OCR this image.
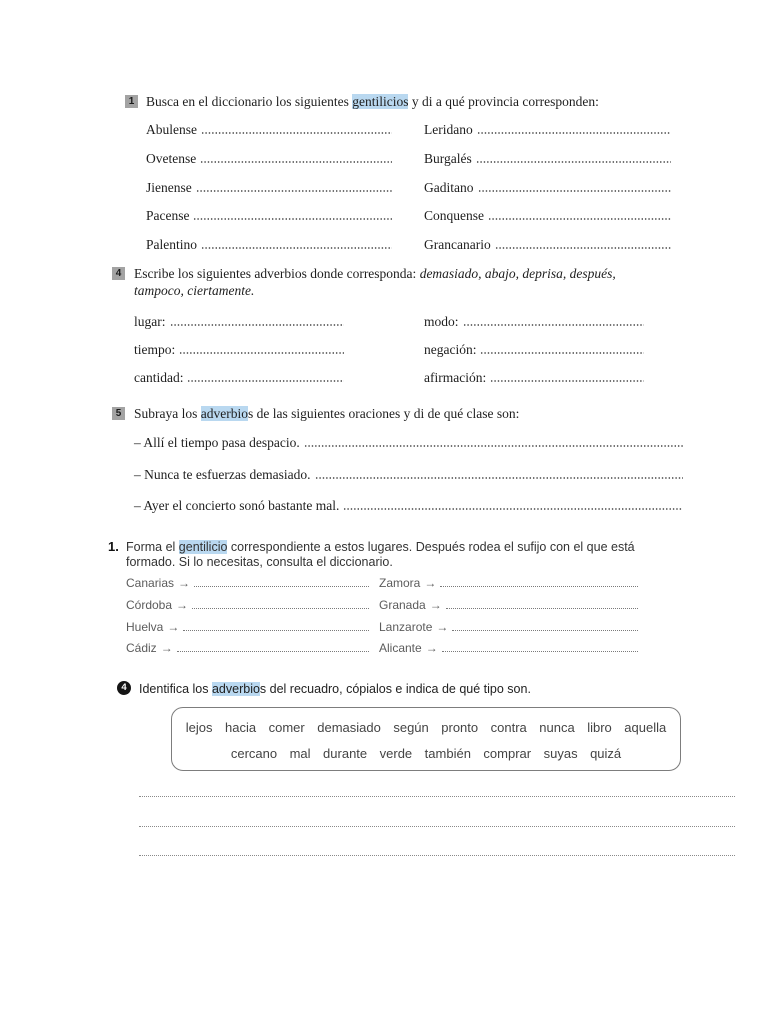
1 Busca en el diccionario los siguientes gentilicios y di a qué provincia corresponden:
Abulense	Leridano
Ovetense	Burgalés
Jienense	Gaditano
Pacense	Conquense
Palentino	Grancanario
4 Escribe los siguientes adverbios donde corresponda: demasiado, abajo, deprisa, después,
tampoco, ciertamente.
lugar:	modo:
tiempo:	negación:
cantidad:	afirmación:
5 Subraya los adverbios de las siguientes oraciones y di de qué clase son:
– Allí el tiempo pasa despacio.
– Nunca te esfuerzas demasiado.
– Ayer el concierto sonó bastante mal.
1. Forma el gentilicio correspondiente a estos lugares. Después rodea el sufijo con el que está
formado. Si lo necesitas, consulta el diccionario.
Canarias →	Zamora →
Córdoba →	Granada →
Huelva →	Lanzarote →
Cádiz →	Alicante →
4 Identifica los adverbios del recuadro, cópialos e indica de qué tipo son.
lejos hacia comer demasiado según pronto contra nunca libro aquella
cercano mal durante verde también comprar suyas quizá
